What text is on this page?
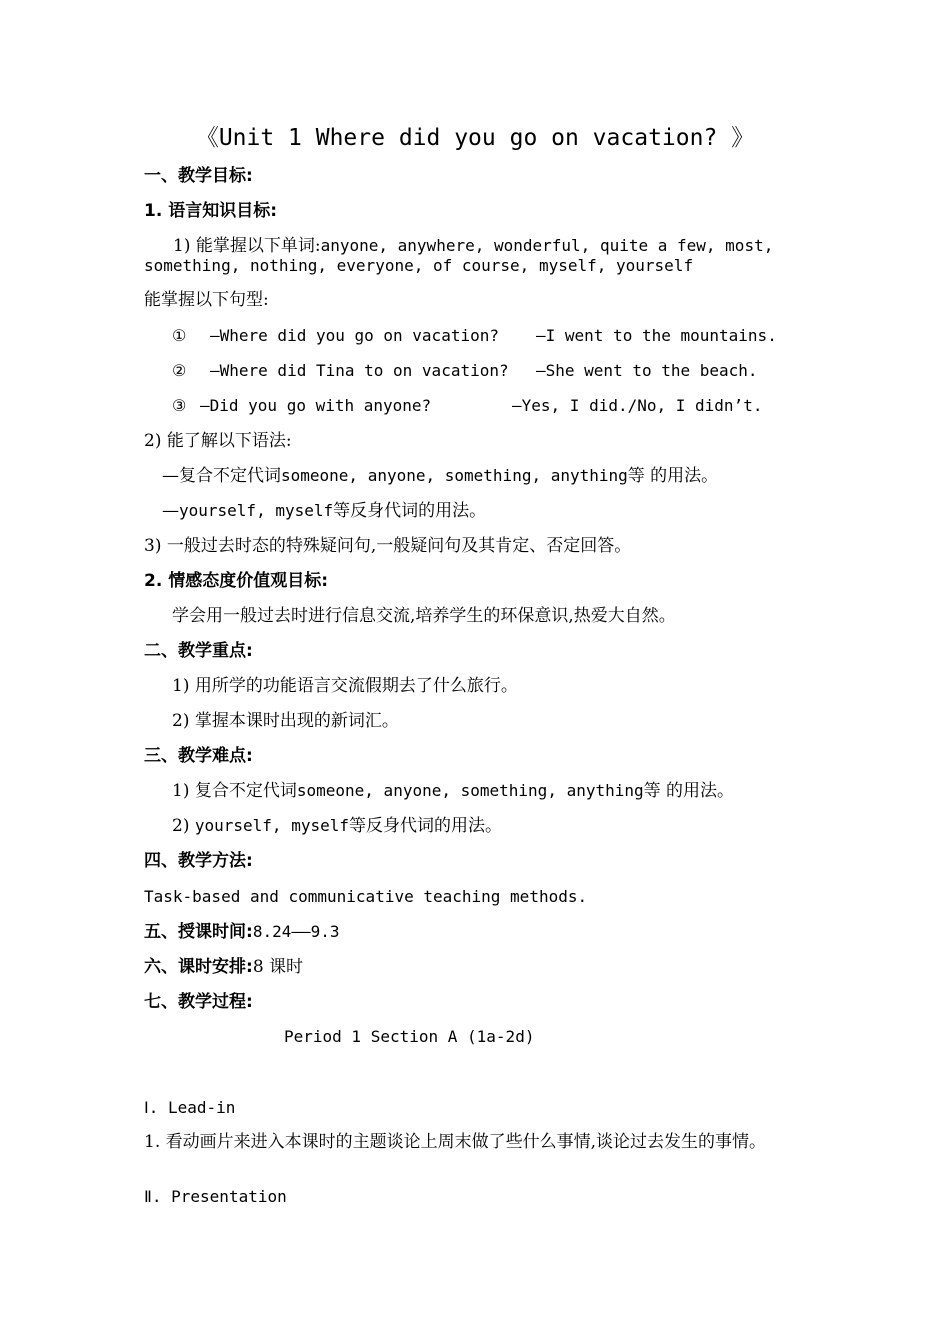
《Unit 1 Where did you go on vacation? 》
一、教学目标:
1. 语言知识目标:
1) 能掌握以下单词:anyone, anywhere, wonderful, quite a few, most, something, nothing, everyone, of course, myself, yourself
能掌握以下句型:
① —Where did you go on vacation? —I went to the mountains.
② —Where did Tina to on vacation? —She went to the beach.
③ —Did you go with anyone?	—Yes, I did./No, I didn’t.
2) 能了解以下语法:
—复合不定代词someone, anyone, something, anything等 的用法。
—yourself, myself等反身代词的用法。
3) 一般过去时态的特殊疑问句,一般疑问句及其肯定、否定回答。
2. 情感态度价值观目标:
学会用一般过去时进行信息交流,培养学生的环保意识,热爱大自然。
二、教学重点:
1) 用所学的功能语言交流假期去了什么旅行。
2) 掌握本课时出现的新词汇。
三、教学难点:
1) 复合不定代词someone, anyone, something, anything等 的用法。
2) yourself, myself等反身代词的用法。
四、教学方法:
Task-based and communicative teaching methods.
五、授课时间:8.24——9.3
六、课时安排:8 课时
七、教学过程:
Period 1 Section A (1a-2d)
Ⅰ. Lead-in
1. 看动画片来进入本课时的主题谈论上周末做了些什么事情,谈论过去发生的事情。
Ⅱ. Presentation
